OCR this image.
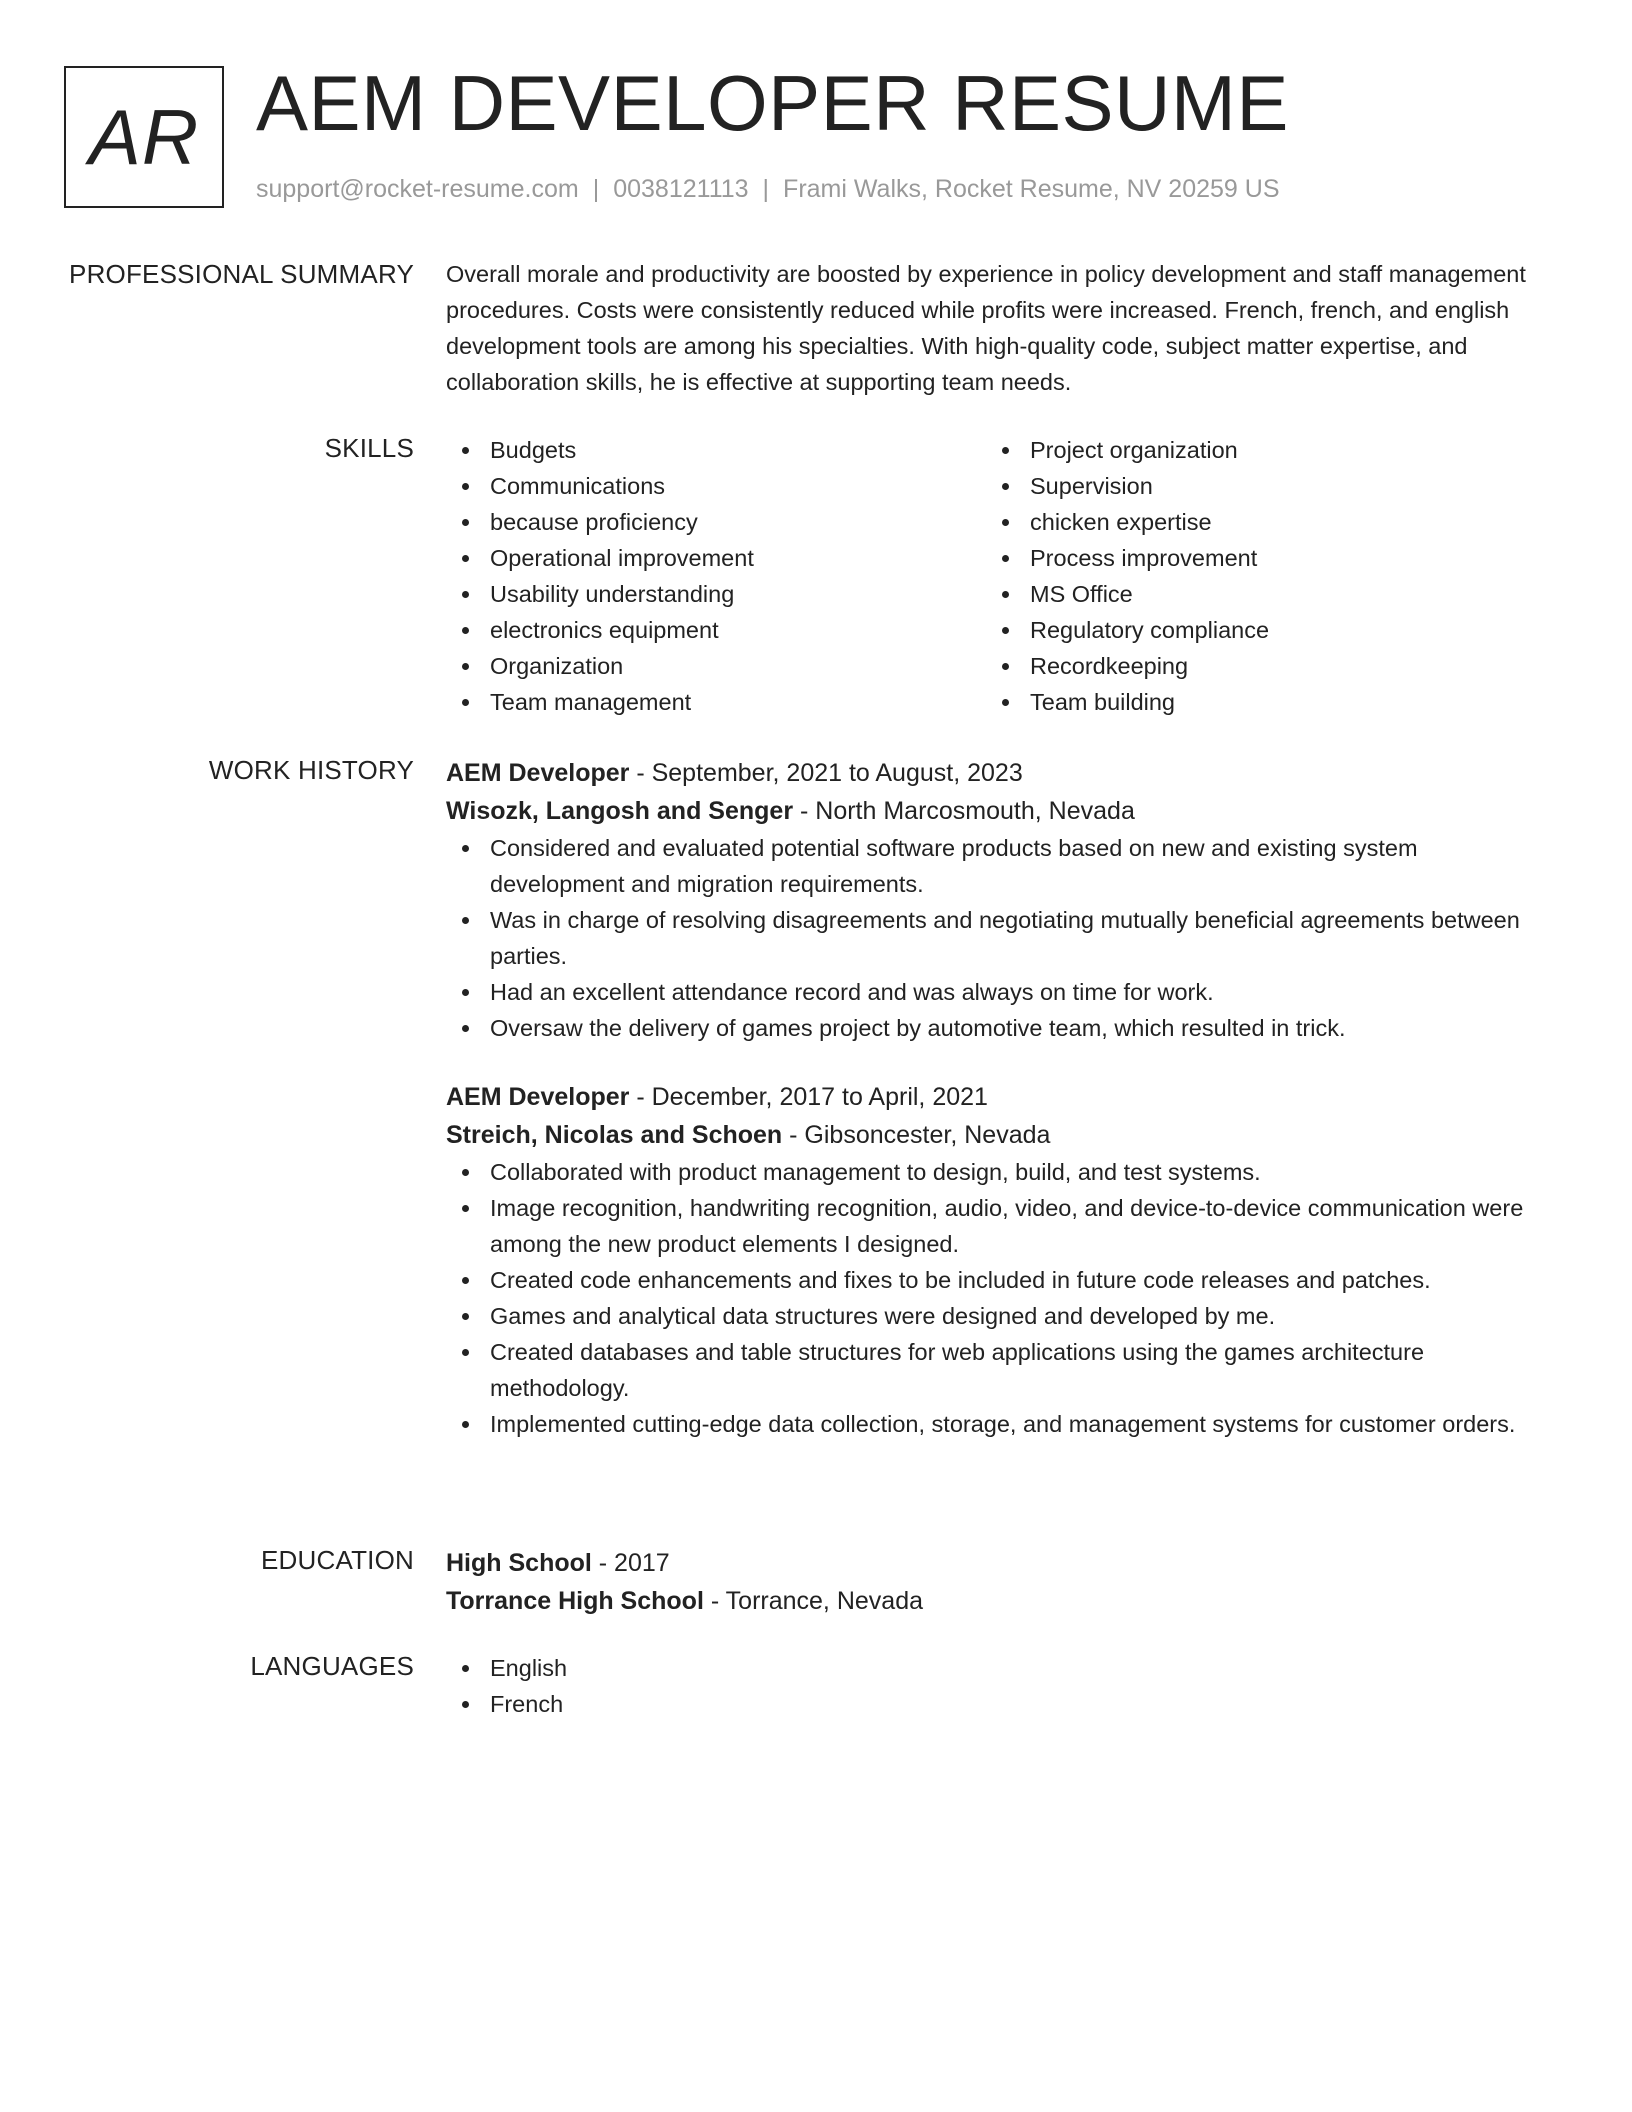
AR AEM DEVELOPER RESUME
support@rocket-resume.com | 0038121113 | Frami Walks, Rocket Resume, NV 20259 US
PROFESSIONAL SUMMARY Overall morale and productivity are boosted by experience in policy development and staff management procedures. Costs were consistently reduced while profits were increased. French, french, and english development tools are among his specialties. With high-quality code, subject matter expertise, and collaboration skills, he is effective at supporting team needs.

SKILLS	Budgets
Communications
because proficiency
Operational improvement
Usability understanding
electronics equipment
Organization
Team management
Project organization
Supervision
chicken expertise
Process improvement
MS Office
Regulatory compliance
Recordkeeping
Team building
WORK HISTORY AEM Developer - September, 2021 to August, 2023
Wisozk, Langosh and Senger - North Marcosmouth, Nevada
Considered and evaluated potential software products based on new and existing system development and migration requirements.
Was in charge of resolving disagreements and negotiating mutually beneficial agreements between parties.
Had an excellent attendance record and was always on time for work.
Oversaw the delivery of games project by automotive team, which resulted in trick.
AEM Developer - December, 2017 to April, 2021
Streich, Nicolas and Schoen - Gibsoncester, Nevada
Collaborated with product management to design, build, and test systems.
Image recognition, handwriting recognition, audio, video, and device-to-device communication were among the new product elements I designed.
Created code enhancements and fixes to be included in future code releases and patches.
Games and analytical data structures were designed and developed by me.
Created databases and table structures for web applications using the games architecture methodology.
Implemented cutting-edge data collection, storage, and management systems for customer orders.
EDUCATION High School - 2017
Torrance High School - Torrance, Nevada
LANGUAGES	English
French
